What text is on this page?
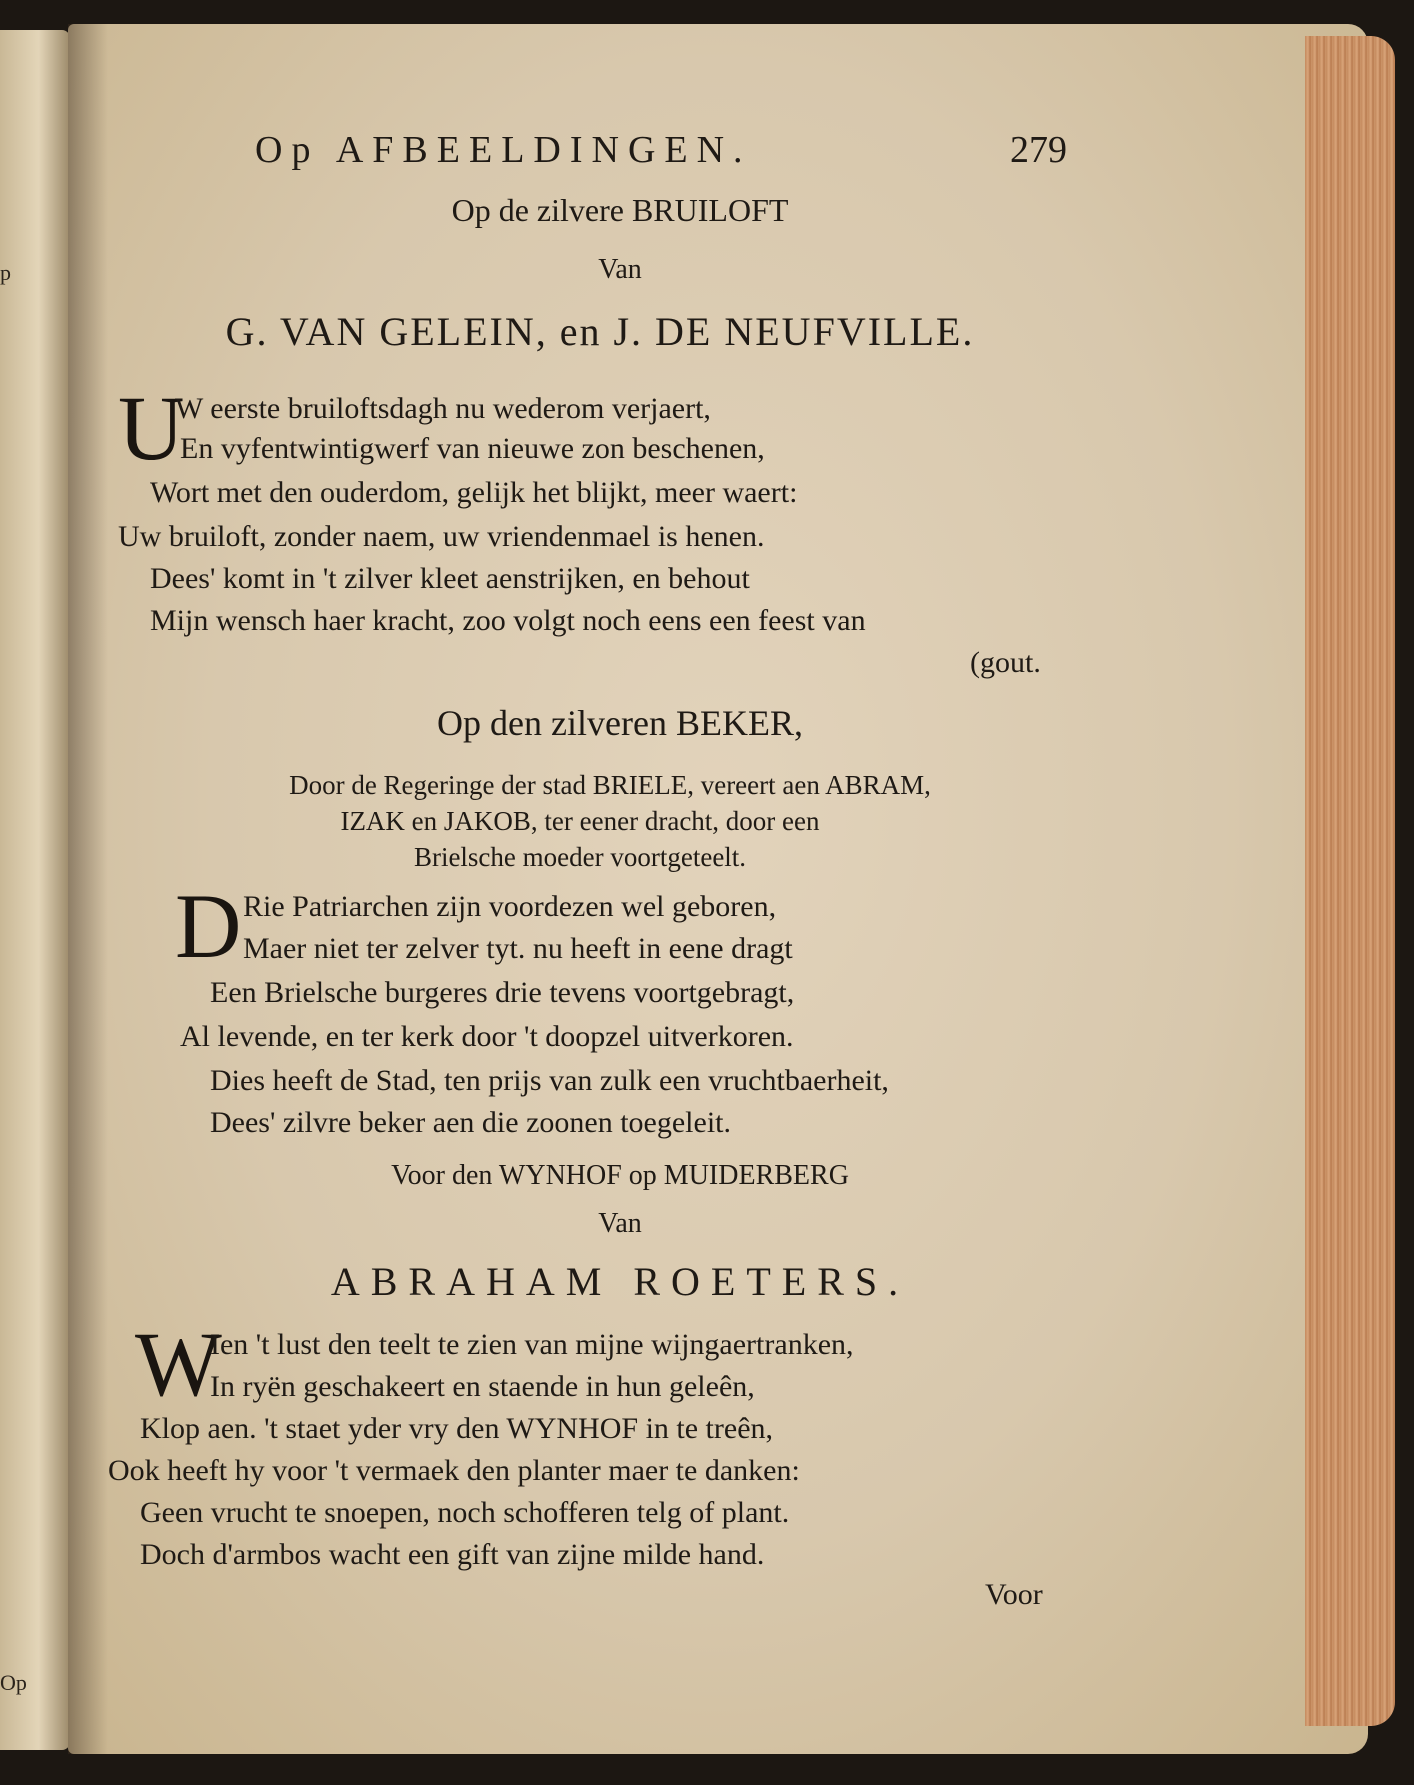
p
Op
Op AFBEELDINGEN.	279
Op de zilvere BRUILOFT
Van
G. VAN GELEIN, en J. DE NEUFVILLE.
U
W eerste bruiloftsdagh nu wederom verjaert,
En vyfentwintigwerf van nieuwe zon beschenen,
Wort met den ouderdom, gelijk het blijkt, meer waert:
Uw bruiloft, zonder naem, uw vriendenmael is henen.
Dees' komt in 't zilver kleet aenstrijken, en behout
Mijn wensch haer kracht, zoo volgt noch eens een feest van
(gout.
Op den zilveren BEKER,
Door de Regeringe der stad BRIELE, vereert aen ABRAM,
IZAK en JAKOB, ter eener dracht, door een
Brielsche moeder voortgeteelt.
D Rie Patriarchen zijn voordezen wel geboren,
Maer niet ter zelver tyt. nu heeft in eene dragt
Een Brielsche burgeres drie tevens voortgebragt,
Al levende, en ter kerk door 't doopzel uitverkoren.
Dies heeft de Stad, ten prijs van zulk een vruchtbaerheit,
Dees' zilvre beker aen die zoonen toegeleit.
Voor den WYNHOF op MUIDERBERG
Van
ABRAHAM ROETERS.
W
Ien 't lust den teelt te zien van mijne wijngaertranken,
In ryën geschakeert en staende in hun geleên,
Klop aen. 't staet yder vry den WYNHOF in te treên,
Ook heeft hy voor 't vermaek den planter maer te danken:
Geen vrucht te snoepen, noch schofferen telg of plant.
Doch d'armbos wacht een gift van zijne milde hand.
Voor
